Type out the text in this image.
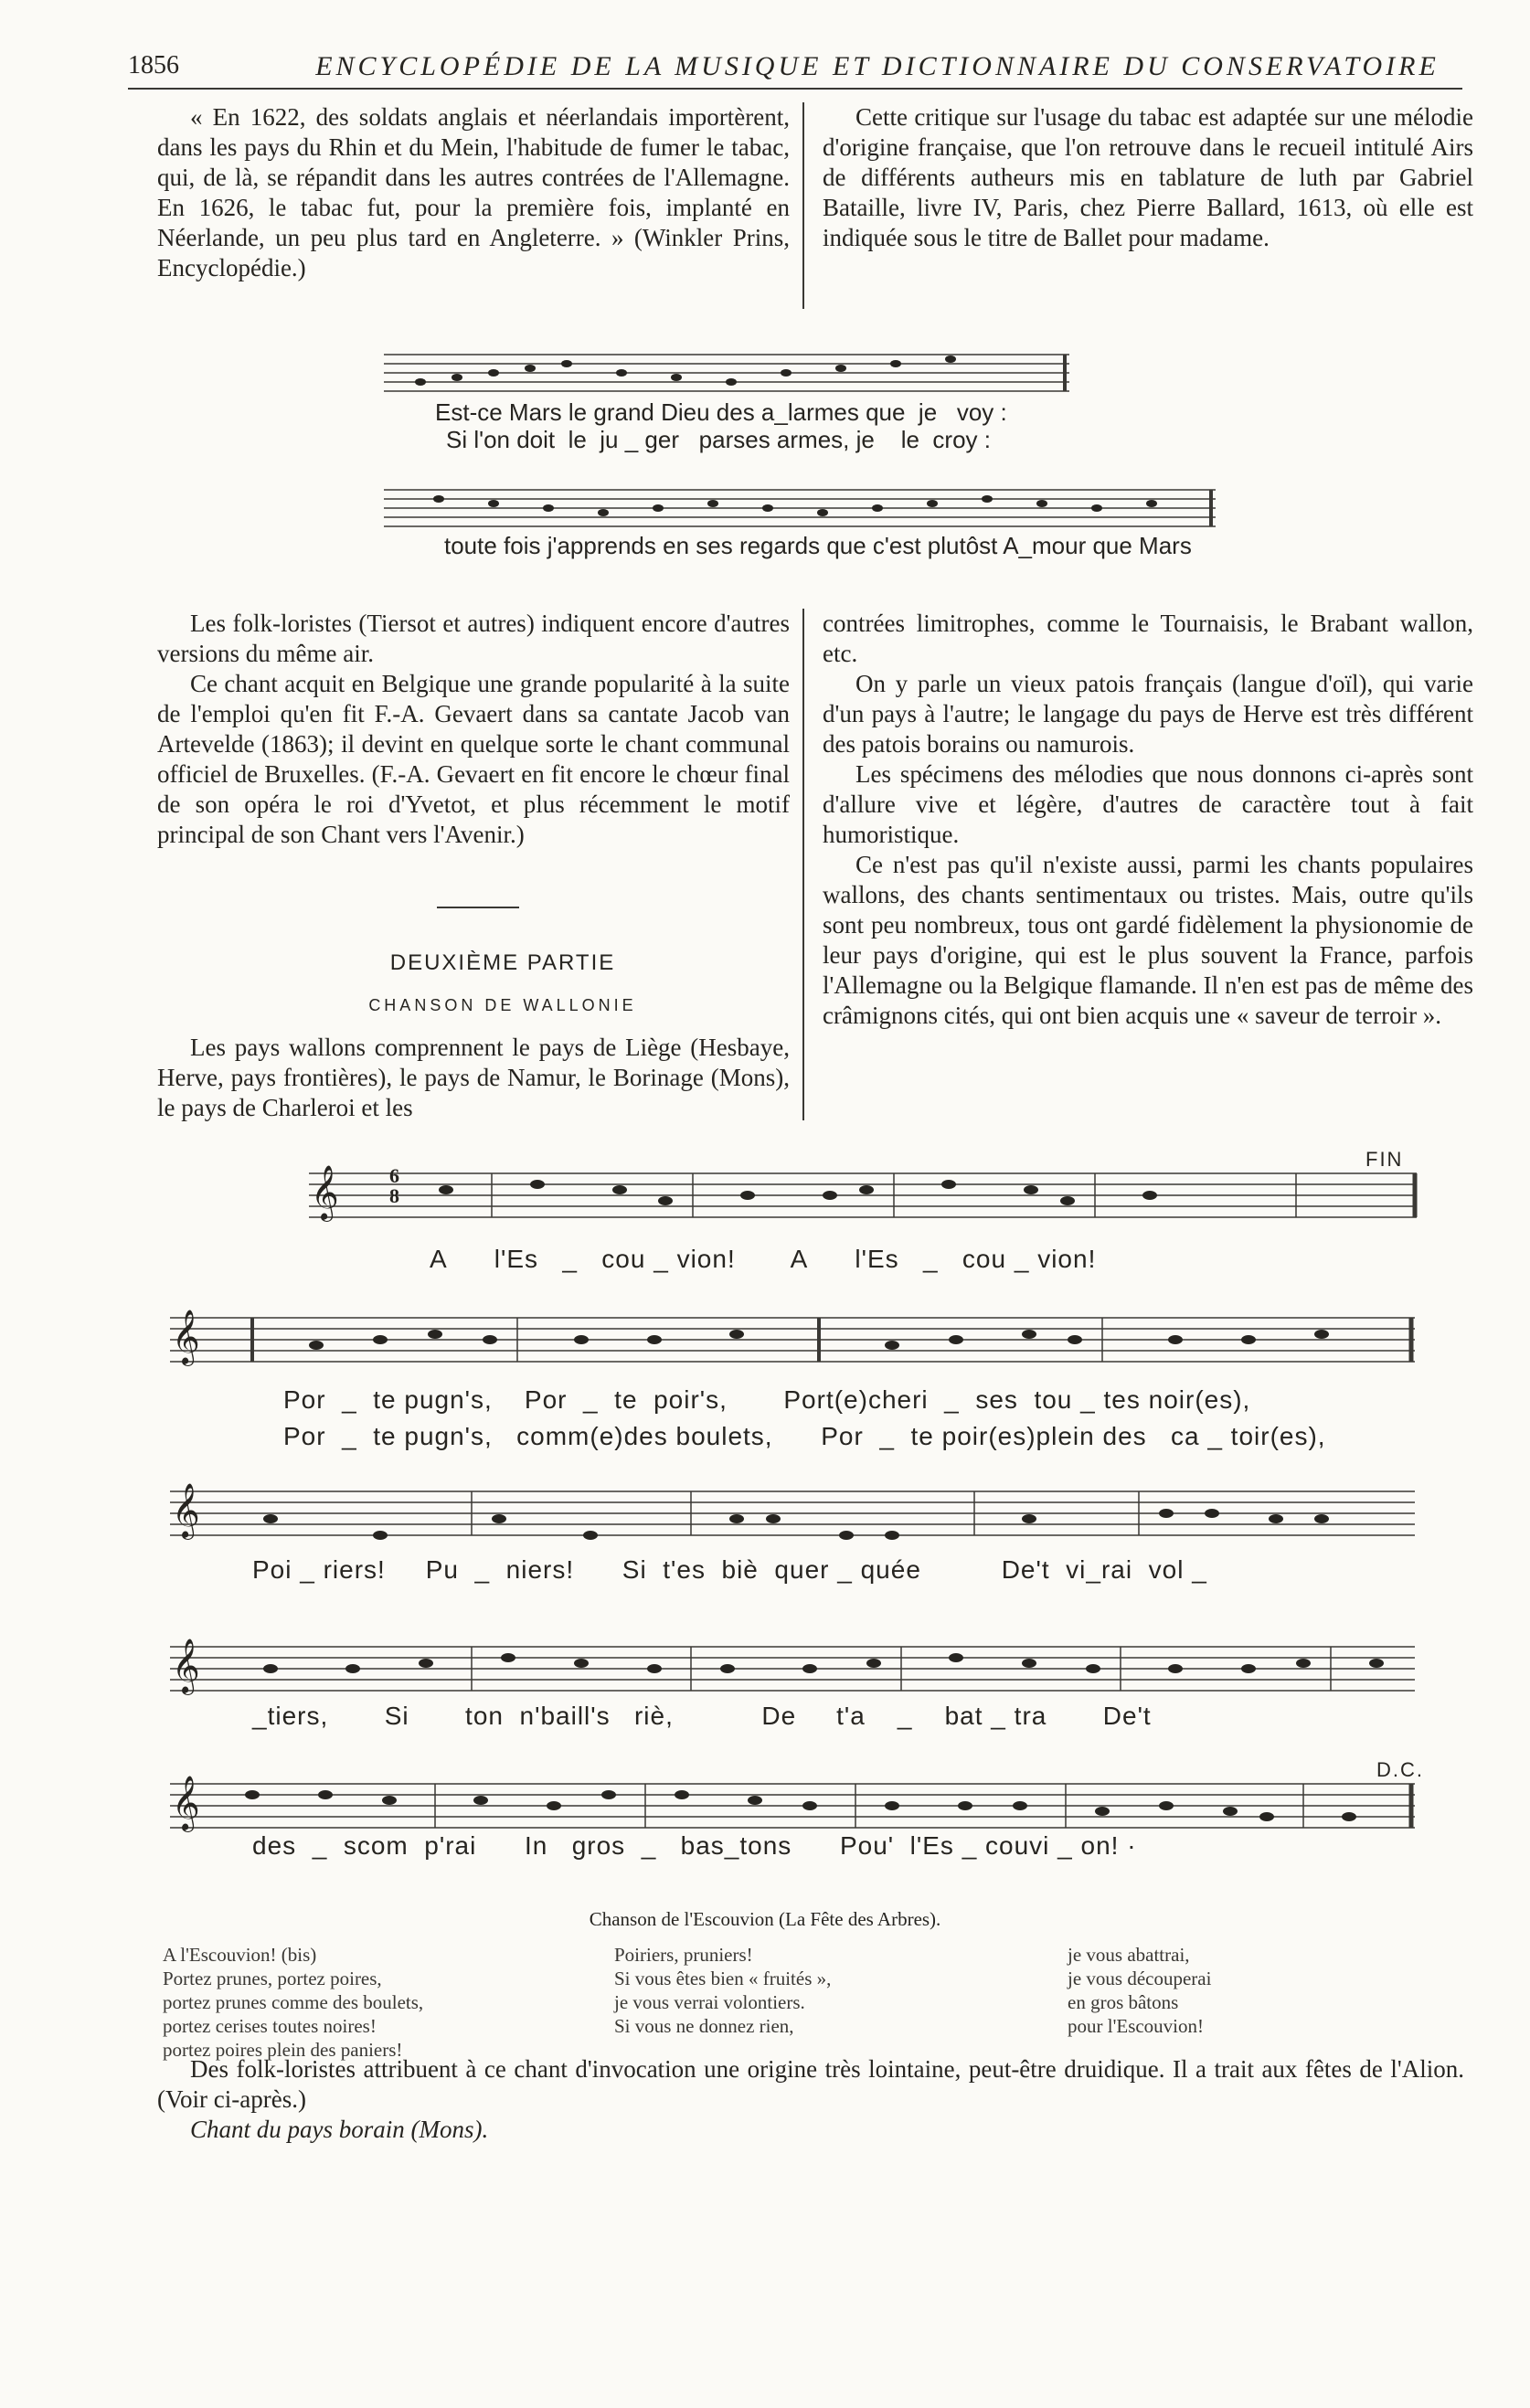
1856	ENCYCLOPÉDIE DE LA MUSIQUE ET DICTIONNAIRE DU CONSERVATOIRE

« En 1622, des soldats anglais et néerlandais importèrent, dans les pays du Rhin et du Mein, l'habitude de fumer le tabac, qui, de là, se répandit dans les autres contrées de l'Allemagne. En 1626, le tabac fut, pour la première fois, implanté en Néerlande, un peu plus tard en Angleterre. » (Winkler Prins, Encyclopédie.)

Cette critique sur l'usage du tabac est adaptée sur une mélodie d'origine française, que l'on retrouve dans le recueil intitulé Airs de différents autheurs mis en tablature de luth par Gabriel Bataille, livre IV, Paris, chez Pierre Ballard, 1613, où elle est indiquée sous le titre de Ballet pour madame.

Est-ce Mars le grand Dieu des a_larmes que  je   voy :
Si l'on doit  le  ju _ ger   parses armes, je    le  croy :
toute fois j'apprends en ses regards que c'est plutôst A_mour que Mars

Les folk-loristes (Tiersot et autres) indiquent encore d'autres versions du même air.

Ce chant acquit en Belgique une grande popularité à la suite de l'emploi qu'en fit F.-A. Gevaert dans sa cantate Jacob van Artevelde (1863); il devint en quelque sorte le chant communal officiel de Bruxelles. (F.-A. Gevaert en fit encore le chœur final de son opéra le roi d'Yvetot, et plus récemment le motif principal de son Chant vers l'Avenir.)

DEUXIÈME PARTIE
CHANSON DE WALLONIE

Les pays wallons comprennent le pays de Liège (Hesbaye, Herve, pays frontières), le pays de Namur, le Borinage (Mons), le pays de Charleroi et les

contrées limitrophes, comme le Tournaisis, le Brabant wallon, etc.

On y parle un vieux patois français (langue d'oïl), qui varie d'un pays à l'autre; le langage du pays de Herve est très différent des patois borains ou namurois.

Les spécimens des mélodies que nous donnons ci-après sont d'allure vive et légère, d'autres de caractère tout à fait humoristique.

Ce n'est pas qu'il n'existe aussi, parmi les chants populaires wallons, des chants sentimentaux ou tristes. Mais, outre qu'ils sont peu nombreux, tous ont gardé fidèlement la physionomie de leur pays d'origine, qui est le plus souvent la France, parfois l'Allemagne ou la Belgique flamande. Il n'en est pas de même des crâmignons cités, qui ont bien acquis une « saveur de terroir ».

𝄞	6
8
FIN
A      l'Es   _   cou _ vion!       A      l'Es   _   cou _ vion!
𝄞
Por  _  te pugn's,    Por  _  te  poir's,       Port(e)cheri  _  ses  tou _ tes noir(es),
Por  _  te pugn's,   comm(e)des boulets,      Por  _  te poir(es)plein des   ca _ toir(es),
𝄞
Poi _ riers!     Pu  _  niers!      Si  t'es  biè  quer _ quée          De't  vi_rai  vol _
𝄞
_tiers,       Si       ton  n'baill's   riè,           De     t'a    _    bat _ tra       De't
𝄞
D.C.
des  _  scom  p'rai      In   gros  _   bas_tons      Pou'  l'Es _ couvi _ on! ·
Chanson de l'Escouvion (La Fête des Arbres).
A l'Escouvion! (bis)
Portez prunes, portez poires,
portez prunes comme des boulets,
portez cerises toutes noires!
portez poires plein des paniers!
Poiriers, pruniers!
Si vous êtes bien « fruités »,
je vous verrai volontiers.
Si vous ne donnez rien,
je vous abattrai,
je vous découperai
en gros bâtons
pour l'Escouvion!

Des folk-loristes attribuent à ce chant d'invocation une origine très lointaine, peut-être druidique. Il a trait aux fêtes de l'Alion. (Voir ci-après.)

Chant du pays borain (Mons).
